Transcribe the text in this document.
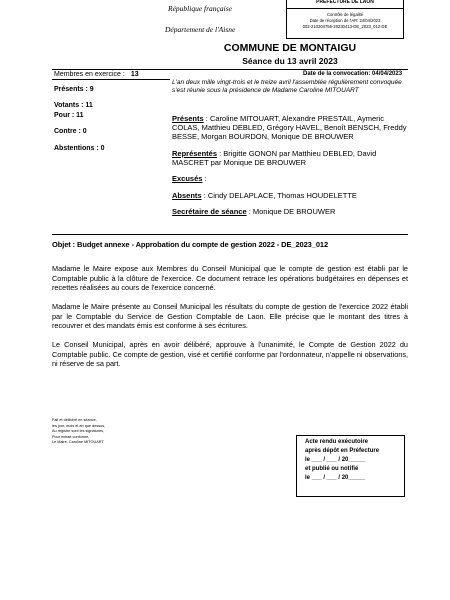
PREFECTURE DE LAON
Contrôle de légalité
Date de réception de l'AR: 24/04/2023
002-210204756-20230413-DE_2023_012-DE
République française
Département de l'Aisne
COMMUNE DE MONTAIGU
Séance du 13 avril 2023
Membres en exercice : 13
Présents : 9
Votants : 11
Pour : 11
Contre : 0
Abstentions : 0
Date de la convocation: 04/04/2023
L'an deux mille vingt-trois et le treize avril l'assemblée régulièrement convoquée s'est réunie sous la présidence de Madame Caroline MITOUART
Présents : Caroline MITOUART, Alexandre PRESTAIL, Aymeric COLAS, Matthieu DEBLED, Grégory HAVEL, Benoît BENSCH, Freddy BESSE, Morgan BOURDON, Monique DE BROUWER
Représentés : Brigitte GONON par Matthieu DEBLED, David MASCRET par Monique DE BROUWER
Excusés :
Absents : Cindy DELAPLACE, Thomas HOUDELETTE
Secrétaire de séance : Monique DE BROUWER
Objet : Budget annexe - Approbation du compte de gestion 2022 - DE_2023_012
Madame le Maire expose aux Membres du Conseil Municipal que le compte de gestion est établi par le Comptable public à la clôture de l'exercice. Ce document retrace les opérations budgétaires en dépenses et recettes réalisées au cours de l'exercice concerné.
Madame le Maire présente au Conseil Municipal les résultats du compte de gestion de l'exercice 2022 établi par le Comptable du Service de Gestion Comptable de Laon. Elle précise que le montant des titres à recouvrer et des mandats émis est conforme à ses écritures.
Le Conseil Municipal, après en avoir délibéré, approuve à l'unanimité, le Compte de Gestion 2022 du Comptable public. Ce compte de gestion, visé et certifié conforme par l'ordonnateur, n'appelle ni observations, ni réserve de sa part.
Fait et délibéré en séance,
les jour, mois et an que dessus,
Au registre sont les signatures,
Pour extrait conforme,
Le Maire, Caroline MITOUART	Acte rendu exécutoire
après dépôt en Préfecture
le ___ / ___ / 20_____
et publié ou notifié
le ___ / ___ / 20_____
